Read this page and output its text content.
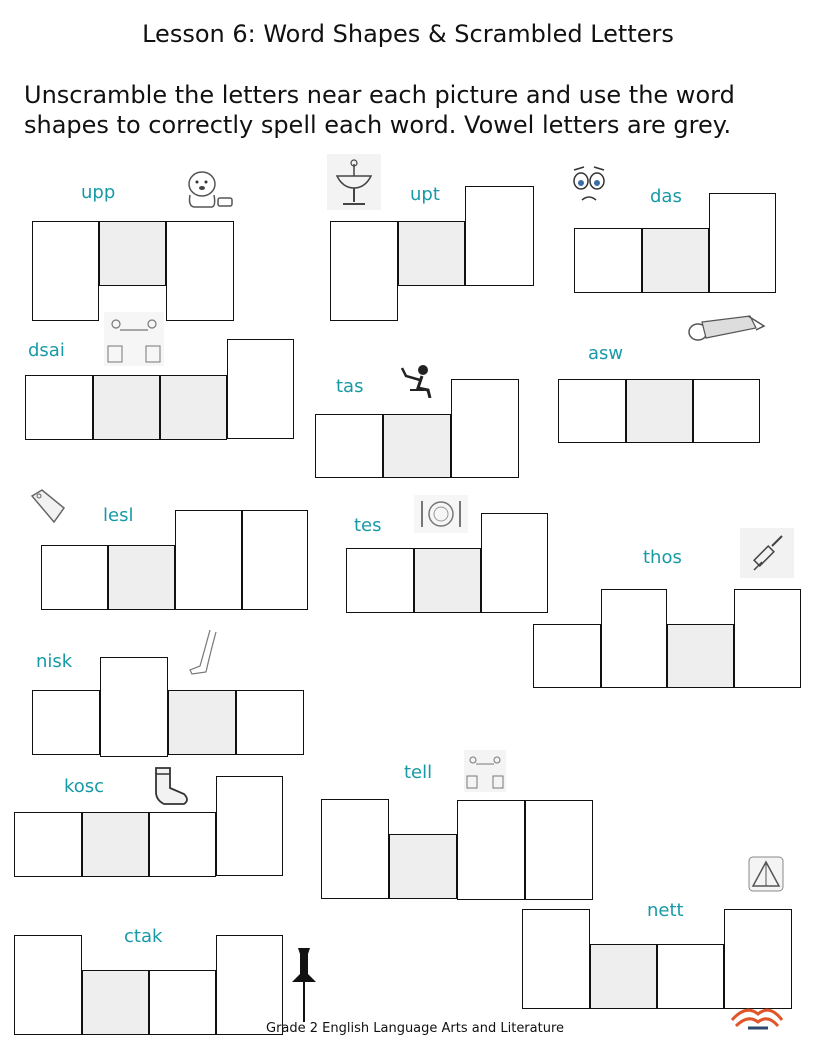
Lesson 6: Word Shapes & Scrambled Letters
Unscramble the letters near each picture and use the word shapes to correctly spell each word. Vowel letters are grey.
upp	upt	das
dsai
tas
asw
lesl	tes
thos
nisk
kosc
tell
nett
ctak
Grade 2 English Language Arts and Literature
